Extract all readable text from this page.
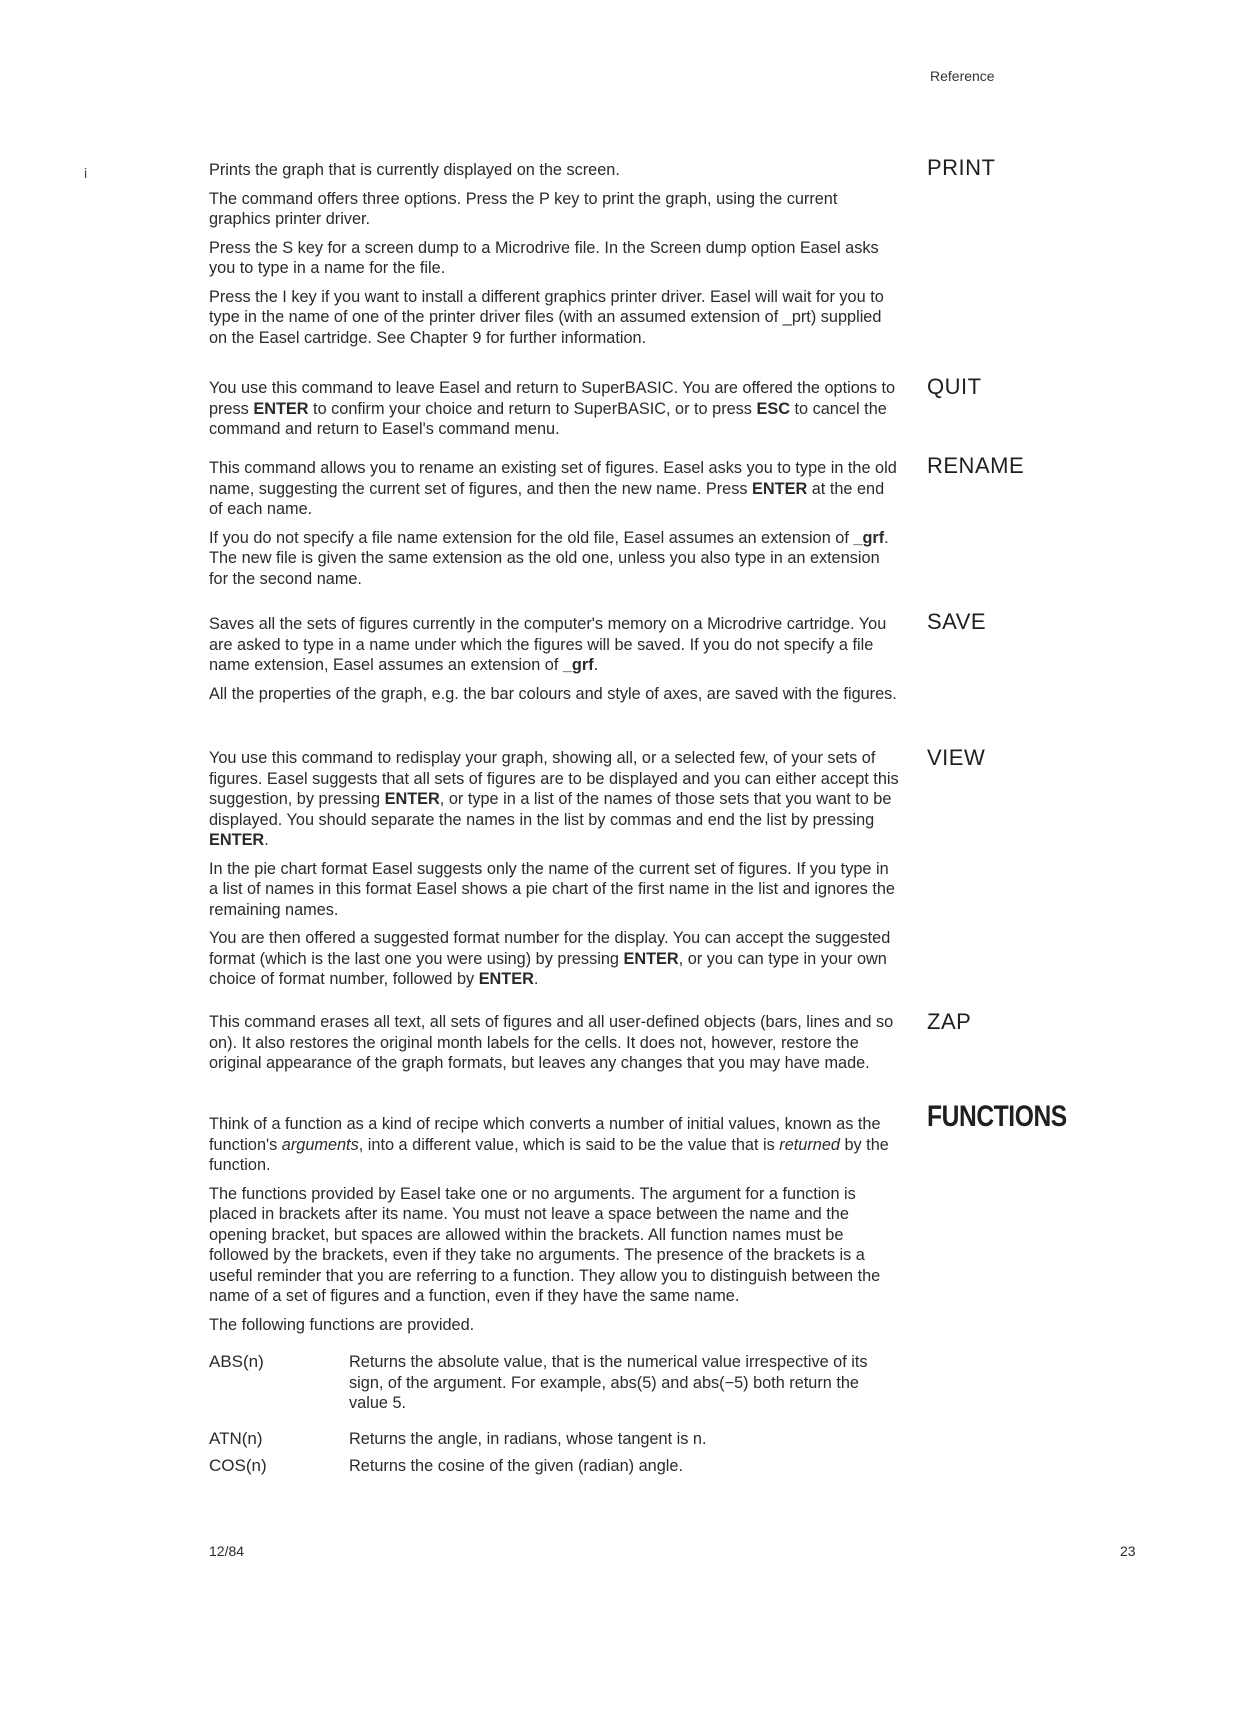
Reference
i	PRINT

Prints the graph that is currently displayed on the screen.

The command offers three options. Press the P key to print the graph, using the current graphics printer driver.

Press the S key for a screen dump to a Microdrive file. In the Screen dump option Easel asks you to type in a name for the file.

Press the I key if you want to install a different graphics printer driver. Easel will wait for you to type in the name of one of the printer driver files (with an assumed extension of _prt) supplied on the Easel cartridge. See Chapter 9 for further information.

QUIT

You use this command to leave Easel and return to SuperBASIC. You are offered the options to press ENTER to confirm your choice and return to SuperBASIC, or to press ESC to cancel the command and return to Easel's command menu.

RENAME

This command allows you to rename an existing set of figures. Easel asks you to type in the old name, suggesting the current set of figures, and then the new name. Press ENTER at the end of each name.

If you do not specify a file name extension for the old file, Easel assumes an extension of _grf. The new file is given the same extension as the old one, unless you also type in an extension for the second name.

SAVE

Saves all the sets of figures currently in the computer's memory on a Microdrive cartridge. You are asked to type in a name under which the figures will be saved. If you do not specify a file name extension, Easel assumes an extension of _grf.

All the properties of the graph, e.g. the bar colours and style of axes, are saved with the figures.

VIEW

You use this command to redisplay your graph, showing all, or a selected few, of your sets of figures. Easel suggests that all sets of figures are to be displayed and you can either accept this suggestion, by pressing ENTER, or type in a list of the names of those sets that you want to be displayed. You should separate the names in the list by commas and end the list by pressing ENTER.

In the pie chart format Easel suggests only the name of the current set of figures. If you type in a list of names in this format Easel shows a pie chart of the first name in the list and ignores the remaining names.

You are then offered a suggested format number for the display. You can accept the suggested format (which is the last one you were using) by pressing ENTER, or you can type in your own choice of format number, followed by ENTER.

ZAP

This command erases all text, all sets of figures and all user-defined objects (bars, lines and so on). It also restores the original month labels for the cells. It does not, however, restore the original appearance of the graph formats, but leaves any changes that you may have made.

FUNCTIONS

Think of a function as a kind of recipe which converts a number of initial values, known as the function's arguments, into a different value, which is said to be the value that is returned by the function.

The functions provided by Easel take one or no arguments. The argument for a function is placed in brackets after its name. You must not leave a space between the name and the opening bracket, but spaces are allowed within the brackets. All function names must be followed by the brackets, even if they take no arguments. The presence of the brackets is a useful reminder that you are referring to a function. They allow you to distinguish between the name of a set of figures and a function, even if they have the same name.

The following functions are provided.

ABS(n)	Returns the absolute value, that is the numerical value irrespective of its sign, of the argument. For example, abs(5) and abs(−5) both return the value 5.
ATN(n)	Returns the angle, in radians, whose tangent is n.
COS(n)	Returns the cosine of the given (radian) angle.
12/84	23
